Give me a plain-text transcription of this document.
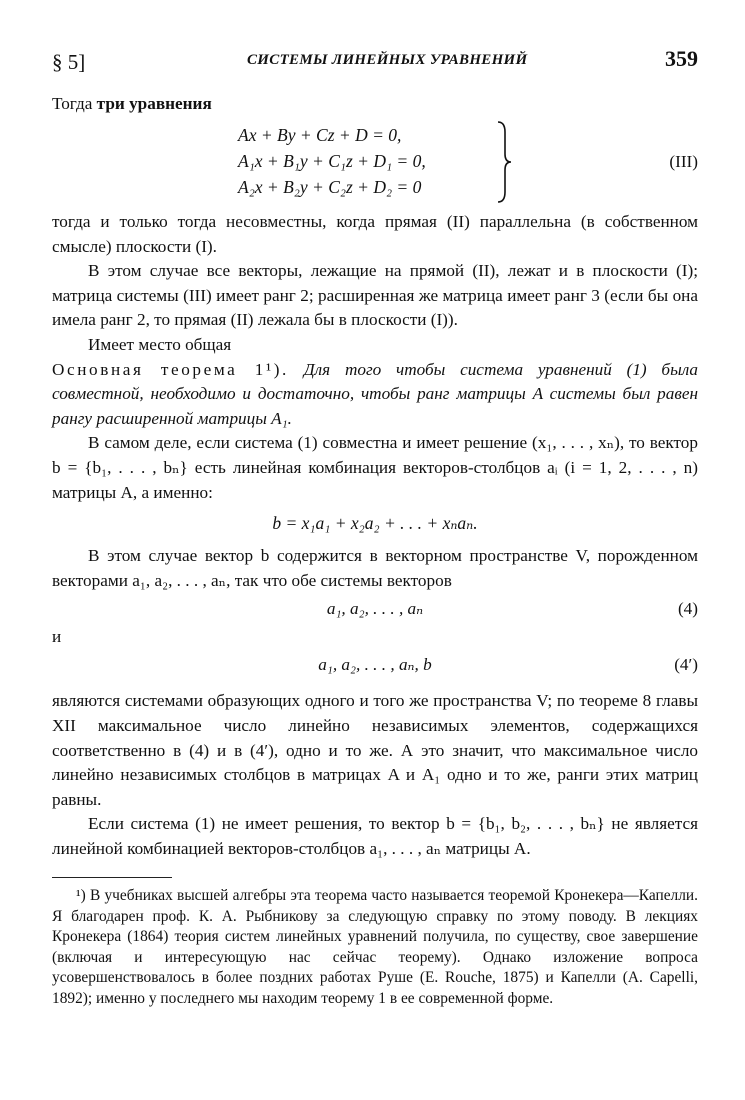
§ 5]	СИСТЕМЫ ЛИНЕЙНЫХ УРАВНЕНИЙ	359
Тогда три уравнения
Ax + By + Cz + D = 0,
A₁x + B₁y + C₁z + D₁ = 0,
A₂x + B₂y + C₂z + D₂ = 0
(III)

тогда и только тогда несовместны, когда прямая (II) параллельна (в собственном смысле) плоскости (I).

В этом случае все векторы, лежащие на прямой (II), лежат и в плоскости (I); матрица системы (III) имеет ранг 2; расширенная же матрица имеет ранг 3 (если бы она имела ранг 2, то прямая (II) лежала бы в плоскости (I)).

Имеет место общая

Основная теорема 1¹). Для того чтобы система уравнений (1) была совместной, необходимо и достаточно, чтобы ранг матрицы A системы был равен рангу расширенной матрицы A₁.

В самом деле, если система (1) совместна и имеет решение (x₁, . . . , xₙ), то вектор b = {b₁, . . . , bₙ} есть линейная комбинация векторов-столбцов aᵢ (i = 1, 2, . . . , n) матрицы A, а именно:

b = x₁a₁ + x₂a₂ + . . . + xₙaₙ.

В этом случае вектор b содержится в векторном пространстве V, порожденном векторами a₁, a₂, . . . , aₙ, так что обе системы векторов

a₁, a₂, . . . , aₙ	(4)
и
a₁, a₂, . . . , aₙ, b	(4′)

являются системами образующих одного и того же пространства V; по теореме 8 главы XII максимальное число линейно независимых элементов, содержащихся соответственно в (4) и в (4′), одно и то же. А это значит, что максимальное число линейно независимых столбцов в матрицах A и A₁ одно и то же, ранги этих матриц равны.

Если система (1) не имеет решения, то вектор b = {b₁, b₂, . . . , bₙ} не является линейной комбинацией векторов-столбцов a₁, . . . , aₙ матрицы A.

¹) В учебниках высшей алгебры эта теорема часто называется теоремой Кронекера—Капелли. Я благодарен проф. К. А. Рыбникову за следующую справку по этому поводу. В лекциях Кронекера (1864) теория систем линейных уравнений получила, по существу, свое завершение (включая и интересующую нас сейчас теорему). Однако изложение вопроса усовершенствовалось в более поздних работах Руше (E. Rouche, 1875) и Капелли (A. Capelli, 1892); именно у последнего мы находим теорему 1 в ее современной форме.
